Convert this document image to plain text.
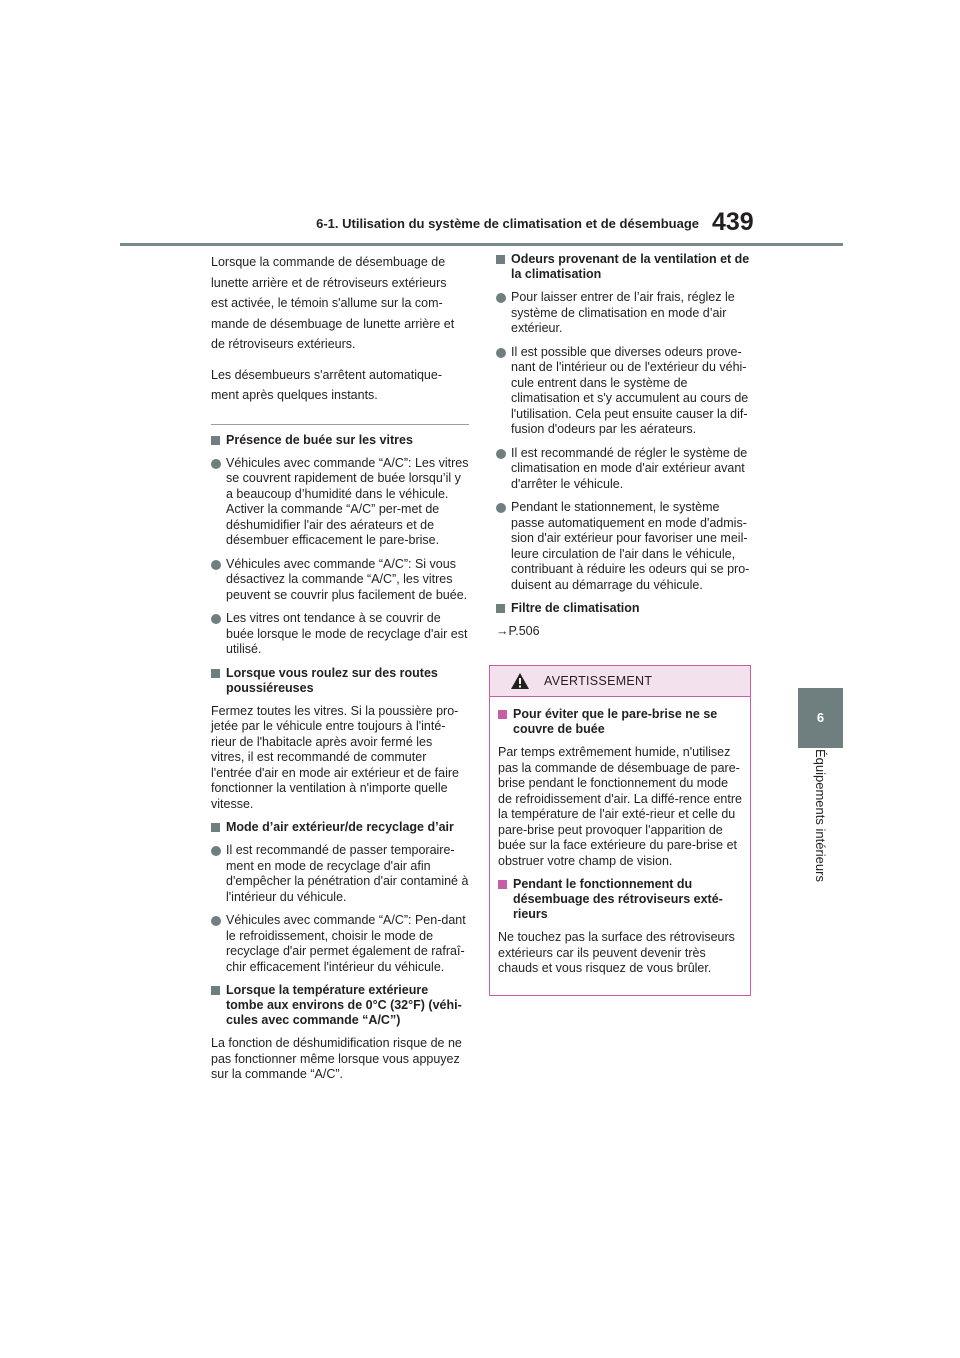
6-1. Utilisation du système de climatisation et de désembuage 439
6
Équipements intérieurs

Lorsque la commande de désembuage de

lunette arrière et de rétroviseurs extérieurs

est activée, le témoin s'allume sur la com-

mande de désembuage de lunette arrière et

de rétroviseurs extérieurs.

Les désembueurs s'arrêtent automatique-

ment après quelques instants.

Présence de buée sur les vitres
Véhicules avec commande “A/C”: Les vitres se couvrent rapidement de buée lorsqu’il y a beaucoup d’humidité dans le véhicule. Activer la commande “A/C” per-met de déshumidifier l'air des aérateurs et de désembuer efficacement le pare-brise.
Véhicules avec commande “A/C”: Si vous désactivez la commande “A/C”, les vitres peuvent se couvrir plus facilement de buée.
Les vitres ont tendance à se couvrir de buée lorsque le mode de recyclage d'air est utilisé.
Lorsque vous roulez sur des routes poussiéreuses
Fermez toutes les vitres. Si la poussière pro-jetée par le véhicule entre toujours à l'inté-rieur de l'habitacle après avoir fermé les vitres, il est recommandé de commuter l'entrée d'air en mode air extérieur et de faire fonctionner la ventilation à n'importe quelle vitesse.
Mode d’air extérieur/de recyclage d’air
Il est recommandé de passer temporaire-ment en mode de recyclage d'air afin d'empêcher la pénétration d'air contaminé à l'intérieur du véhicule.
Véhicules avec commande “A/C”: Pen-dant le refroidissement, choisir le mode de recyclage d'air permet également de rafraî-chir efficacement l'intérieur du véhicule.
Lorsque la température extérieure tombe aux environs de 0°C (32°F) (véhi-cules avec commande “A/C”)
La fonction de déshumidification risque de ne pas fonctionner même lorsque vous appuyez sur la commande “A/C”.
Odeurs provenant de la ventilation et de la climatisation
Pour laisser entrer de l’air frais, réglez le système de climatisation en mode d’air extérieur.
Il est possible que diverses odeurs prove-nant de l'intérieur ou de l'extérieur du véhi-cule entrent dans le système de climatisation et s'y accumulent au cours de l'utilisation. Cela peut ensuite causer la dif-fusion d'odeurs par les aérateurs.
Il est recommandé de régler le système de climatisation en mode d'air extérieur avant d'arrêter le véhicule.
Pendant le stationnement, le système passe automatiquement en mode d'admis-sion d'air extérieur pour favoriser une meil-leure circulation de l'air dans le véhicule, contribuant à réduire les odeurs qui se pro-duisent au démarrage du véhicule.
Filtre de climatisation
→P.506
AVERTISSEMENT
Pour éviter que le pare-brise ne se couvre de buée
Par temps extrêmement humide, n'utilisez pas la commande de désembuage de pare-brise pendant le fonctionnement du mode de refroidissement d'air. La diffé-rence entre la température de l'air exté-rieur et celle du pare-brise peut provoquer l'apparition de buée sur la face extérieure du pare-brise et obstruer votre champ de vision.
Pendant le fonctionnement du désembuage des rétroviseurs exté-rieurs
Ne touchez pas la surface des rétroviseurs extérieurs car ils peuvent devenir très chauds et vous risquez de vous brûler.
